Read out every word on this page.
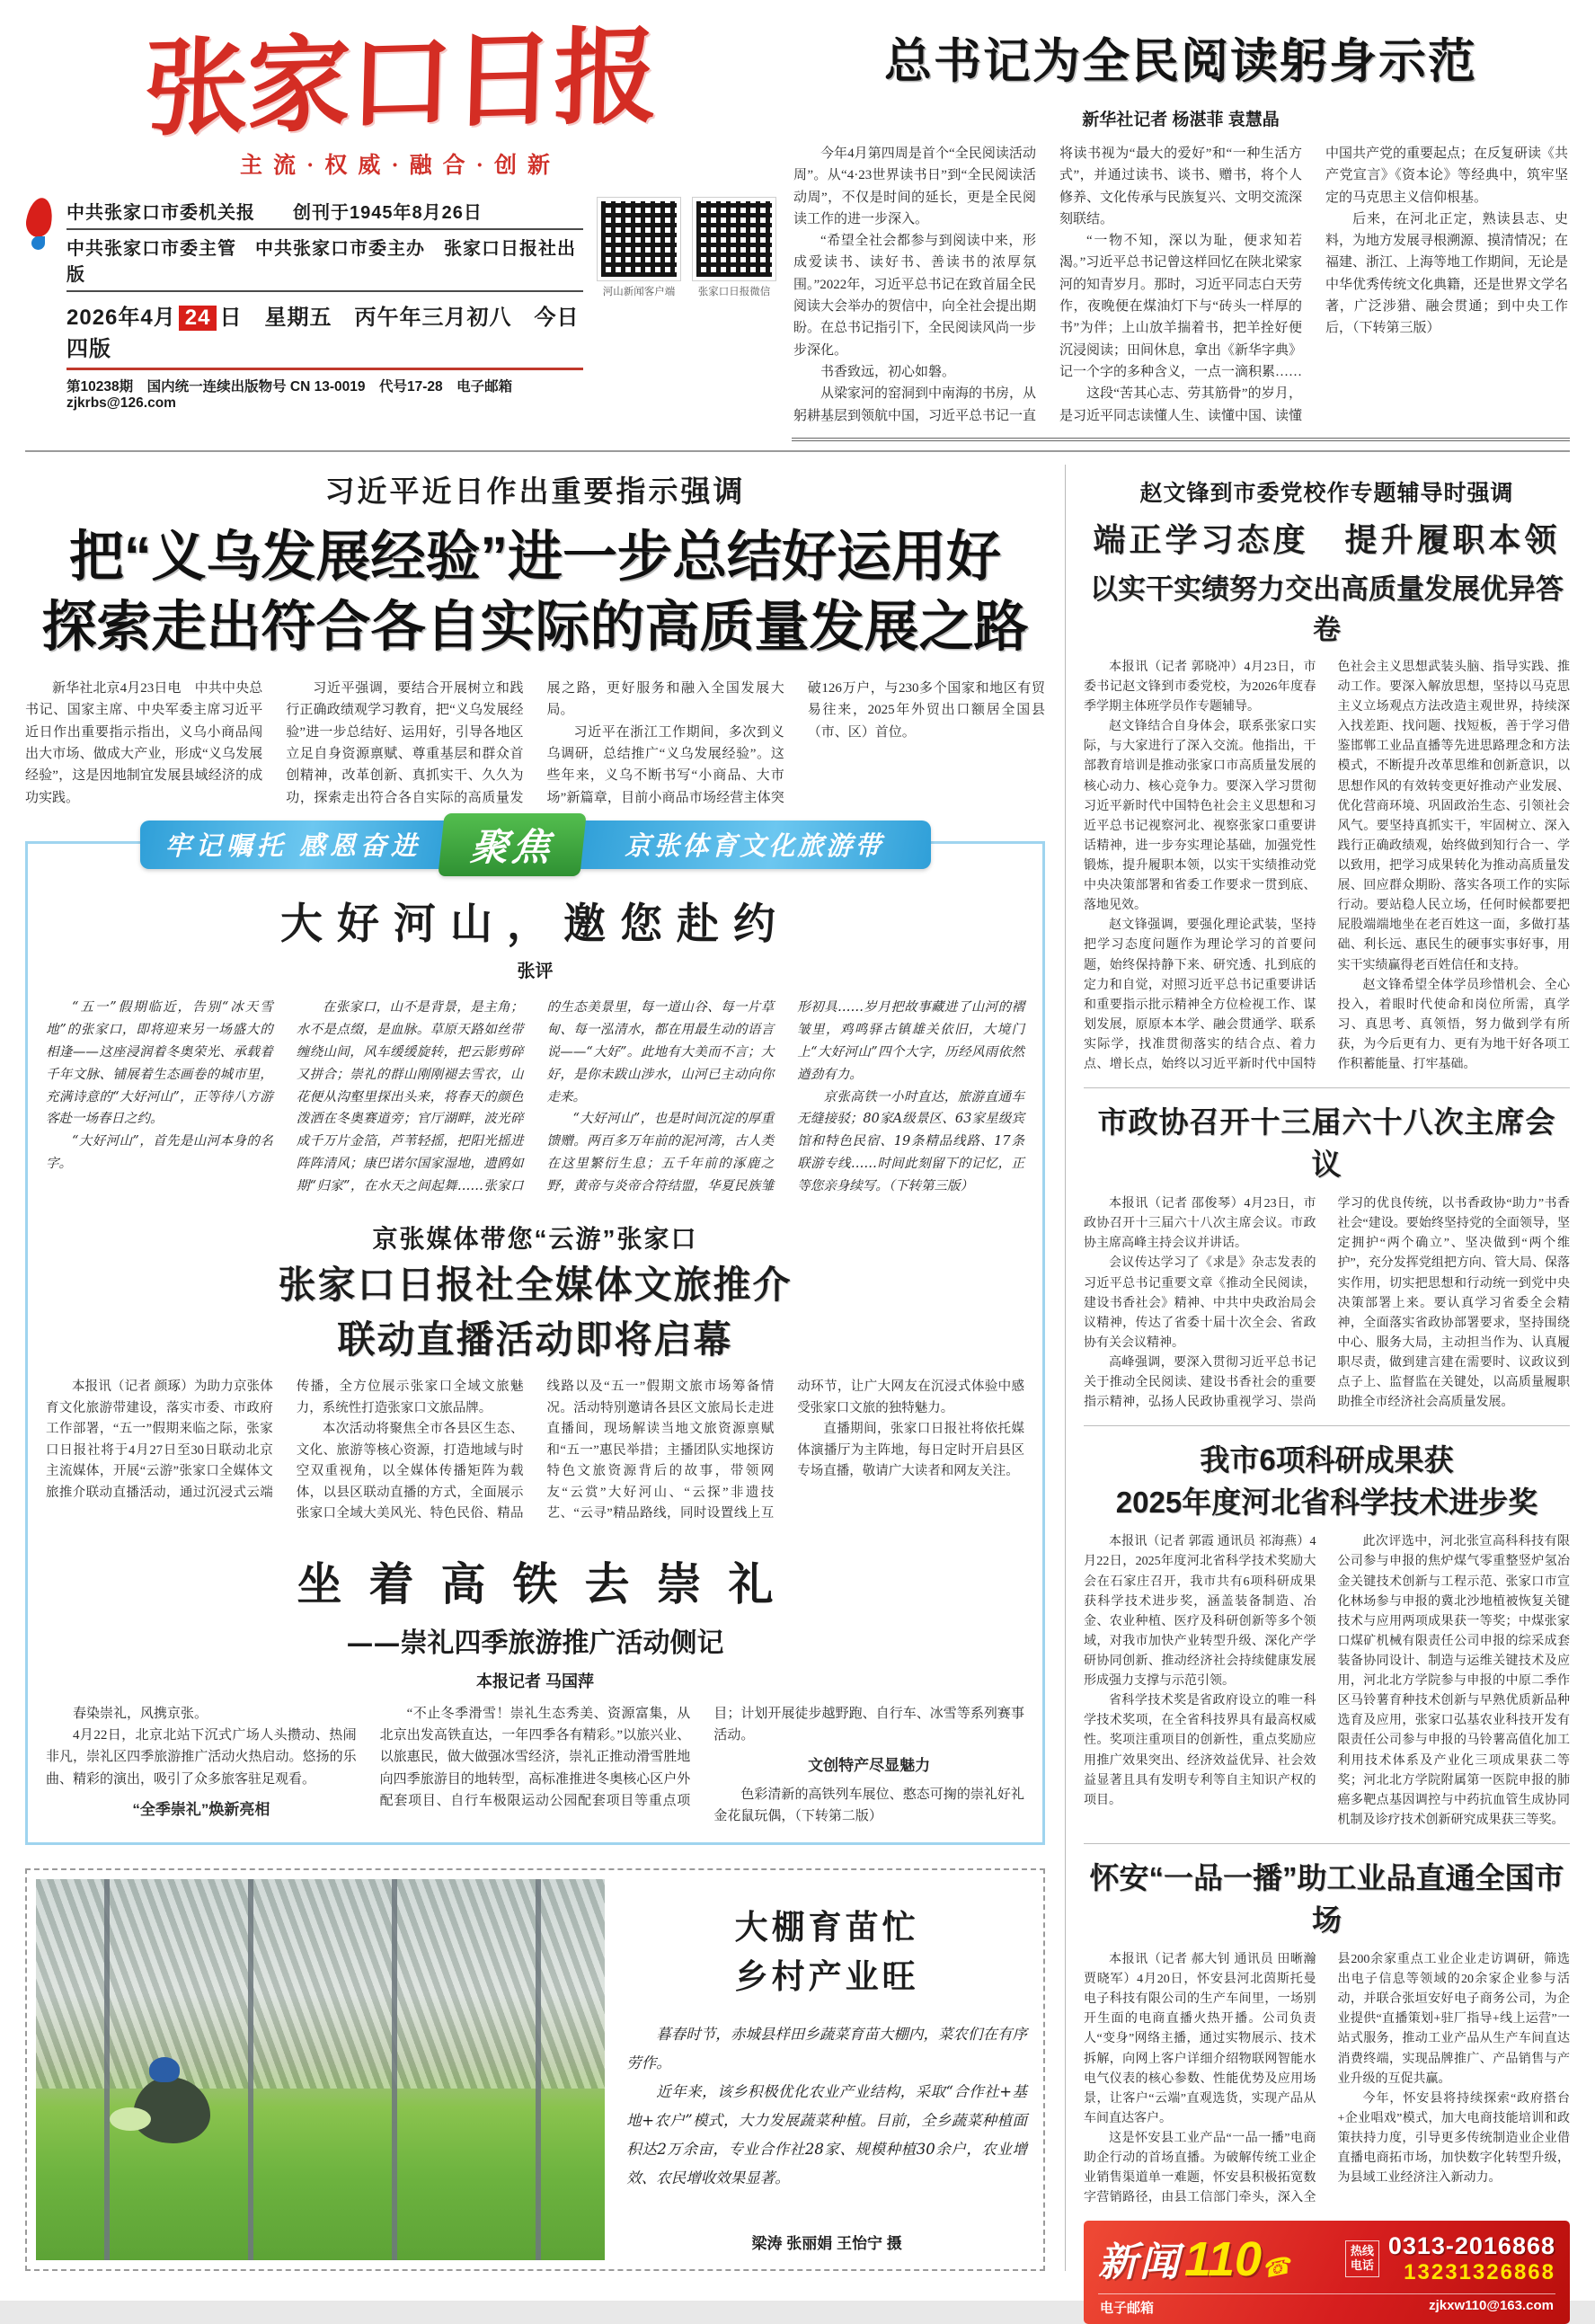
张家口日报
主流·权威·融合·创新
中共张家口市委机关报　　创刊于1945年8月26日
中共张家口市委主管　中共张家口市委主办　张家口日报社出版
2026年4月 24 日　星期五　丙午年三月初八　今日四版
第10238期　国内统一连续出版物号 CN 13-0019　代号17-28　电子邮箱 zjkrbs@126.com
河山新闻客户端	张家口日报微信
总书记为全民阅读躬身示范
新华社记者 杨湛菲 袁慧晶

今年4月第四周是首个“全民阅读活动周”。从“4·23世界读书日”到“全民阅读活动周”，不仅是时间的延长，更是全民阅读工作的进一步深入。

“希望全社会都参与到阅读中来，形成爱读书、读好书、善读书的浓厚氛围。”2022年，习近平总书记在致首届全民阅读大会举办的贺信中，向全社会提出期盼。在总书记指引下，全民阅读风尚一步步深化。

书香致远，初心如磐。

从梁家河的窑洞到中南海的书房，从躬耕基层到领航中国，习近平总书记一直将读书视为“最大的爱好”和“一种生活方式”，并通过读书、谈书、赠书，将个人修养、文化传承与民族复兴、文明交流深刻联结。

“一物不知，深以为耻，便求知若渴。”习近平总书记曾这样回忆在陕北梁家河的知青岁月。那时，习近平同志白天劳作，夜晚便在煤油灯下与“砖头一样厚的书”为伴；上山放羊揣着书，把羊拴好便沉浸阅读；田间休息，拿出《新华字典》记一个字的多种含义，一点一滴积累……

这段“苦其心志、劳其筋骨”的岁月，是习近平同志读懂人生、读懂中国、读懂中国共产党的重要起点；在反复研读《共产党宣言》《资本论》等经典中，筑牢坚定的马克思主义信仰根基。

后来，在河北正定，熟读县志、史料，为地方发展寻根溯源、摸清情况；在福建、浙江、上海等地工作期间，无论是中华优秀传统文化典籍，还是世界文学名著，广泛涉猎、融会贯通；到中央工作后，（下转第三版）

习近平近日作出重要指示强调
把“义乌发展经验”进一步总结好运用好
探索走出符合各自实际的高质量发展之路

新华社北京4月23日电　中共中央总书记、国家主席、中央军委主席习近平近日作出重要指示指出，义乌小商品闯出大市场、做成大产业，形成“义乌发展经验”，这是因地制宜发展县域经济的成功实践。

习近平强调，要结合开展树立和践行正确政绩观学习教育，把“义乌发展经验”进一步总结好、运用好，引导各地区立足自身资源禀赋、尊重基层和群众首创精神，改革创新、真抓实干、久久为功，探索走出符合各自实际的高质量发展之路，更好服务和融入全国发展大局。

习近平在浙江工作期间，多次到义乌调研，总结推广“义乌发展经验”。这些年来，义乌不断书写“小商品、大市场”新篇章，目前小商品市场经营主体突破126万户，与230多个国家和地区有贸易往来，2025年外贸出口额居全国县（市、区）首位。

牢记嘱托 感恩奋进	聚焦	京张体育文化旅游带
大好河山，邀您赴约
张评

“五一”假期临近，告别“冰天雪地”的张家口，即将迎来另一场盛大的相逢——这座浸润着冬奥荣光、承载着千年文脉、铺展着生态画卷的城市里，充满诗意的“大好河山”，正等待八方游客赴一场春日之约。

“大好河山”，首先是山河本身的名字。

在张家口，山不是背景，是主角；水不是点缀，是血脉。草原天路如丝带缠绕山间，风车缓缓旋转，把云影剪碎又拼合；崇礼的群山刚刚褪去雪衣，山花便从沟壑里探出头来，将春天的颜色泼洒在冬奥赛道旁；官厅湖畔，波光碎成千万片金箔，芦苇轻摇，把阳光摇进阵阵清风；康巴诺尔国家湿地，遗鸥如期“归家”，在水天之间起舞……张家口的生态美景里，每一道山谷、每一片草甸、每一泓清水，都在用最生动的语言说——“大好”。此地有大美而不言；大好，是你未跋山涉水，山河已主动向你走来。

“大好河山”，也是时间沉淀的厚重馈赠。两百多万年前的泥河湾，古人类在这里繁衍生息；五千年前的涿鹿之野，黄帝与炎帝合符结盟，华夏民族雏形初具……岁月把故事藏进了山河的褶皱里，鸡鸣驿古镇雄关依旧，大境门上“大好河山”四个大字，历经风雨依然遒劲有力。

京张高铁一小时直达，旅游直通车无缝接驳；80家A级景区、63家星级宾馆和特色民宿、19条精品线路、17条联游专线……时间此刻留下的记忆，正等您亲身续写。（下转第三版）

京张媒体带您“云游”张家口
张家口日报社全媒体文旅推介
联动直播活动即将启幕

本报讯（记者 颜琢）为助力京张体育文化旅游带建设，落实市委、市政府工作部署，“五一”假期来临之际，张家口日报社将于4月27日至30日联动北京主流媒体，开展“云游”张家口全媒体文旅推介联动直播活动，通过沉浸式云端传播，全方位展示张家口全域文旅魅力，系统性打造张家口文旅品牌。

本次活动将聚焦全市各县区生态、文化、旅游等核心资源，打造地域与时空双重视角，以全媒体传播矩阵为载体，以县区联动直播的方式，全面展示张家口全域大美风光、特色民俗、精品线路以及“五一”假期文旅市场筹备情况。活动特别邀请各县区文旅局长走进直播间，现场解读当地文旅资源禀赋和“五一”惠民举措；主播团队实地探访特色文旅资源背后的故事，带领网友“云赏”大好河山、“云探”非遗技艺、“云寻”精品路线，同时设置线上互动环节，让广大网友在沉浸式体验中感受张家口文旅的独特魅力。

直播期间，张家口日报社将依托媒体演播厅为主阵地，每日定时开启县区专场直播，敬请广大读者和网友关注。

坐着高铁去崇礼
——崇礼四季旅游推广活动侧记
本报记者 马国萍

春染崇礼，风携京张。

4月22日，北京北站下沉式广场人头攒动、热闹非凡，崇礼区四季旅游推广活动火热启动。悠扬的乐曲、精彩的演出，吸引了众多旅客驻足观看。

“全季崇礼”焕新亮相

“不止冬季滑雪！崇礼生态秀美、资源富集，从北京出发高铁直达，一年四季各有精彩。”以旅兴业、以旅惠民，做大做强冰雪经济，崇礼正推动滑雪胜地向四季旅游目的地转型，高标准推进冬奥核心区户外配套项目、自行车极限运动公园配套项目等重点项目；计划开展徒步越野跑、自行车、冰雪等系列赛事活动。

文创特产尽显魅力

色彩清新的高铁列车展位、憨态可掬的崇礼好礼金花鼠玩偶，（下转第二版）

大棚育苗忙
乡村产业旺

暮春时节，赤城县样田乡蔬菜育苗大棚内，菜农们在有序劳作。

近年来，该乡积极优化农业产业结构，采取“合作社+基地+农户”模式，大力发展蔬菜种植。目前，全乡蔬菜种植面积达2万余亩，专业合作社28家、规模种植30余户，农业增效、农民增收效果显著。

梁涛 张丽娟 王怡宁 摄
赵文锋到市委党校作专题辅导时强调
端正学习态度　提升履职本领
以实干实绩努力交出高质量发展优异答卷

本报讯（记者 郭晓冲）4月23日，市委书记赵文锋到市委党校，为2026年度春季学期主体班学员作专题辅导。

赵文锋结合自身体会，联系张家口实际，与大家进行了深入交流。他指出，干部教育培训是推动张家口市高质量发展的核心动力、核心竞争力。要深入学习贯彻习近平新时代中国特色社会主义思想和习近平总书记视察河北、视察张家口重要讲话精神，进一步夯实理论基础，加强党性锻炼，提升履职本领，以实干实绩推动党中央决策部署和省委工作要求一贯到底、落地见效。

赵文锋强调，要强化理论武装，坚持把学习态度问题作为理论学习的首要问题，始终保持静下来、研究透、扎到底的定力和自觉，对照习近平总书记重要讲话和重要指示批示精神全方位检视工作、谋划发展，原原本本学、融会贯通学、联系实际学，找准贯彻落实的结合点、着力点、增长点，始终以习近平新时代中国特色社会主义思想武装头脑、指导实践、推动工作。要深入解放思想，坚持以马克思主义立场观点方法改造主观世界，持续深入找差距、找问题、找短板，善于学习借鉴邯郸工业品直播等先进思路理念和方法模式，不断提升改革思维和创新意识，以思想作风的有效转变更好推动产业发展、优化营商环境、巩固政治生态、引领社会风气。要坚持真抓实干，牢固树立、深入践行正确政绩观，始终做到知行合一、学以致用，把学习成果转化为推动高质量发展、回应群众期盼、落实各项工作的实际行动。要站稳人民立场，任何时候都要把屁股端端地坐在老百姓这一面，多做打基础、利长远、惠民生的硬事实事好事，用实干实绩赢得老百姓信任和支持。

赵文锋希望全体学员珍惜机会、全心投入，着眼时代使命和岗位所需，真学习、真思考、真领悟，努力做到学有所获，为今后更有力、更有为地干好各项工作积蓄能量、打牢基础。

市政协召开十三届六十八次主席会议

本报讯（记者 邵俊琴）4月23日，市政协召开十三届六十八次主席会议。市政协主席高峰主持会议并讲话。

会议传达学习了《求是》杂志发表的习近平总书记重要文章《推动全民阅读，建设书香社会》精神、中共中央政治局会议精神，传达了省委十届十次全会、省政协有关会议精神。

高峰强调，要深入贯彻习近平总书记关于推动全民阅读、建设书香社会的重要指示精神，弘扬人民政协重视学习、崇尚学习的优良传统，以书香政协“助力”书香社会“建设。要始终坚持党的全面领导，坚定拥护“两个确立”、坚决做到“两个维护”，充分发挥党组把方向、管大局、保落实作用，切实把思想和行动统一到党中央决策部署上来。要认真学习省委全会精神，全面落实省政协部署要求，坚持围绕中心、服务大局，主动担当作为、认真履职尽责，做到建言建在需要时、议政议到点子上、监督监在关键处，以高质量履职助推全市经济社会高质量发展。

我市6项科研成果获
2025年度河北省科学技术进步奖

本报讯（记者 郭霞 通讯员 祁海燕）4月22日，2025年度河北省科学技术奖励大会在石家庄召开，我市共有6项科研成果获科学技术进步奖，涵盖装备制造、冶金、农业种植、医疗及科研创新等多个领域，对我市加快产业转型升级、深化产学研协同创新、推动经济社会持续健康发展形成强力支撑与示范引领。

省科学技术奖是省政府设立的唯一科学技术奖项，在全省科技界具有最高权威性。奖项注重项目的创新性，重点奖励应用推广效果突出、经济效益优异、社会效益显著且具有发明专利等自主知识产权的项目。

此次评选中，河北张宣高科科技有限公司参与申报的焦炉煤气零重整竖炉氢冶金关键技术创新与工程示范、张家口市宣化林场参与申报的冀北沙地植被恢复关键技术与应用两项成果获一等奖；中煤张家口煤矿机械有限责任公司申报的综采成套装备协同设计、制造与运维关键技术及应用，河北北方学院参与申报的中原二季作区马铃薯育种技术创新与早熟优质新品种选育及应用，张家口弘基农业科技开发有限责任公司参与申报的马铃薯高值化加工利用技术体系及产业化三项成果获二等奖；河北北方学院附属第一医院申报的肺癌多靶点基因调控与中药抗血管生成协同机制及诊疗技术创新研究成果获三等奖。

怀安“一品一播”助工业品直通全国市场

本报讯（记者 郝大钊 通讯员 田晰瀚 贾晓军）4月20日，怀安县河北茵斯托曼电子科技有限公司的生产车间里，一场别开生面的电商直播火热开播。公司负责人“变身”网络主播，通过实物展示、技术拆解，向网上客户详细介绍物联网智能水电气仪表的核心参数、性能优势及应用场景，让客户“云端”直观选货，实现产品从车间直达客户。

这是怀安县工业产品“一品一播”电商助企行动的首场直播。为破解传统工业企业销售渠道单一难题，怀安县积极拓宽数字营销路径，由县工信部门牵头，深入全县200余家重点工业企业走访调研，筛选出电子信息等领域的20余家企业参与活动，并联合张垣安好电子商务公司，为企业提供“直播策划+驻厂指导+线上运营”一站式服务，推动工业产品从生产车间直达消费终端，实现品牌推广、产品销售与产业升级的互促共赢。

今年，怀安县将持续探索“政府搭台+企业唱戏”模式，加大电商技能培训和政策扶持力度，引导更多传统制造业企业借直播电商拓市场，加快数字化转型升级，为县域工业经济注入新动力。

新闻 110
☎
热线
电话
0313-2016868
13231326868
电子邮箱	zjkxw110@163.com
